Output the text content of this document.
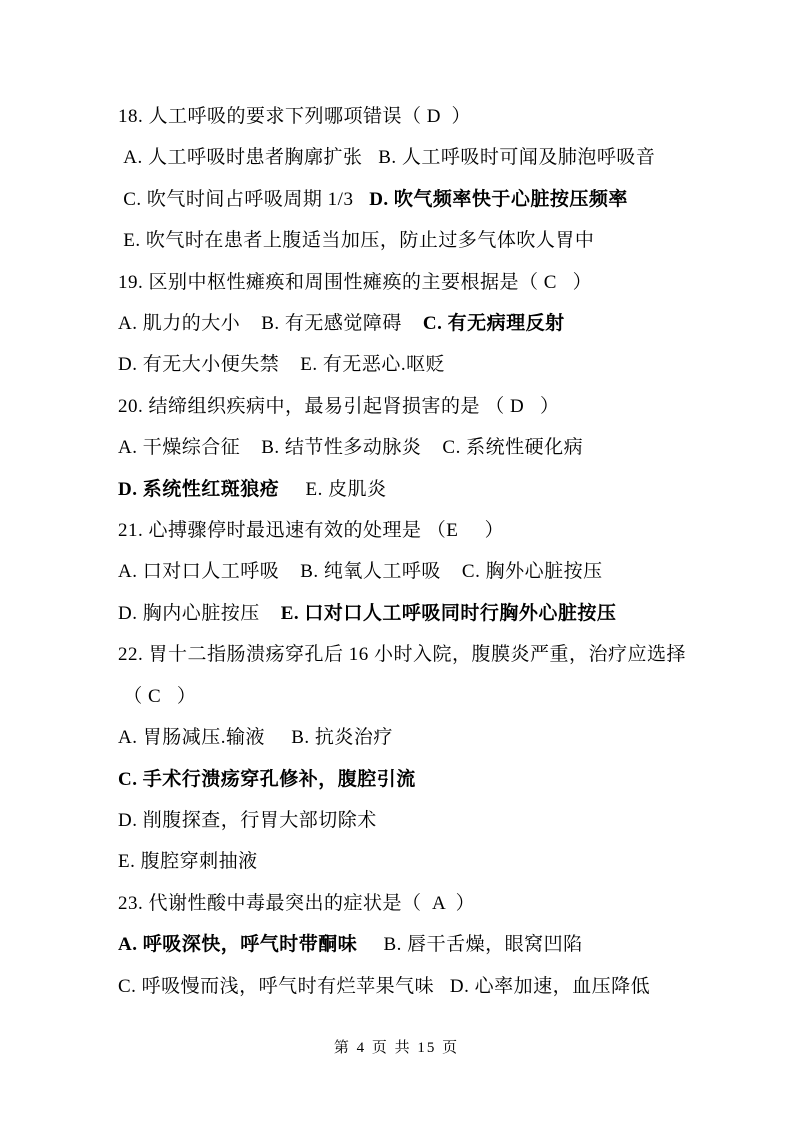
18. 人工呼吸的要求下列哪项错误（ D  ）
A. 人工呼吸时患者胸廓扩张   B. 人工呼吸时可闻及肺泡呼吸音
C. 吹气时间占呼吸周期 1/3   D. 吹气频率快于心脏按压频率
E. 吹气时在患者上腹适当加压，防止过多气体吹人胃中
19. 区别中枢性瘫痪和周围性瘫痪的主要根据是（ C   ）
A. 肌力的大小    B. 有无感觉障碍    C. 有无病理反射
D. 有无大小便失禁    E. 有无恶心.呕贬
20. 结缔组织疾病中，最易引起肾损害的是 （ D   ）
A. 干燥综合征    B. 结节性多动脉炎    C. 系统性硬化病
D. 系统性红斑狼疮     E. 皮肌炎
21. 心搏骤停时最迅速有效的处理是 （E     ）
A. 口对口人工呼吸    B. 纯氧人工呼吸    C. 胸外心脏按压
D. 胸内心脏按压    E. 口对口人工呼吸同时行胸外心脏按压
22. 胃十二指肠溃疡穿孔后 16 小时入院，腹膜炎严重，治疗应选择
（ C   ）
A. 胃肠减压.输液     B. 抗炎治疗
C. 手术行溃疡穿孔修补，腹腔引流
D. 削腹探查，行胃大部切除术
E. 腹腔穿刺抽液
23. 代谢性酸中毒最突出的症状是（  A  ）
A. 呼吸深快，呼气时带酮味     B. 唇干舌燥，眼窝凹陷
C. 呼吸慢而浅，呼气时有烂苹果气味   D. 心率加速，血压降低
第 4 页 共 15 页
